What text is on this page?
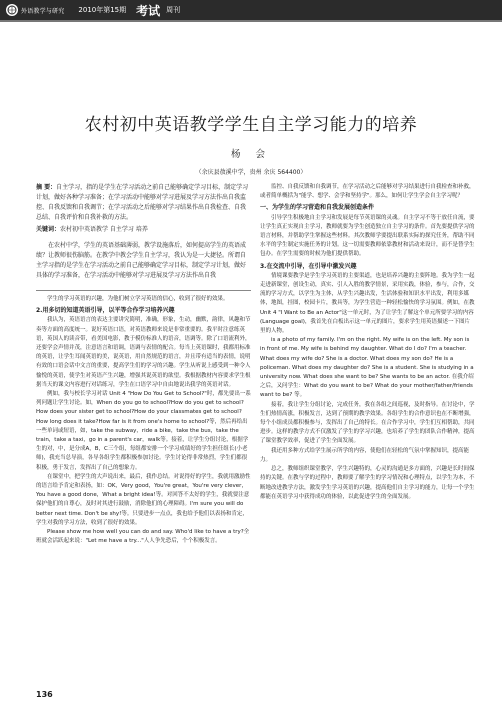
外语教学与研究 2010年第15期 考试 周刊
农村初中英语教学学生自主学习能力的培养
杨 会
（余庆县敖溪中学，贵州 余庆 564400）
摘 要：自主学习，指的是学生在学习活动之前自己能够确定学习目标，制定学习计划，做好各种学习准备；在学习活动中能够对学习进展及学习方法作出自我监控、自我反馈和自我调节；在学习活动之后能够对学习结果作出自我检查、自我总结、自我评价和自我补救的方法。
关键词：农村初中英语教学 自主学习 培养
在农村中学，学生的英语基础薄弱，教学设施落后，如何提高学生的英语成绩？让教师很伤脑筋。在教学中教会学生自主学习，我认为是一大捷径。所谓自主学习指的是学生在学习活动之前自己能够确定学习目标，制定学习计划，做好具体的学习准备，在学习活动中能够对学习进展及学习方法作出自我

学生的学习英语的兴趣，为他们树立学习英语的信心，收到了很好的效果。

2.用多切的知道英语引导，以平等合作学习培养兴趣

我认为，英语语言的表达主要讲究简明，准确，形象，生动，幽默，韵律，风趣和节奏等方面的高度统一。说好英语口语，对英语教师来说是非常重要的。我平时注意练英语，英国人的读音带，看美国电影，教于模仿标准人的语音，语调等。除了口语流利外，还要学会声情并茂，注意语言和语调，语调与表情的配合。每当上英语课时，我都用标准的英语，让学生耳闻英语的美，说英语，用自然规范的语言，并且带有适当的表情，说明有效的口语会话中文言的重要，提高学生们的学习的兴趣。学生从听说上感受到一种令人愉悦的英语，使学生对英语产生兴趣，增强其说英语的欲望。我根据教材内容要求学生根据当天的课文内容进行对话练习，学生在口语学习中自由地说出我学的英语对话。

例如，我与校长学习对话 Unit 4 "How Do You Get to School?"时，都先要出一系列问题让学生讨论。如，When do you go to school?How do you get to school?How does your sister get to school?How do your classmates get to school?How long does it take?How far is it from one's home to school?等，然后再给出一些单词或短语，如，take the subway，ride a bike，take the bus，take the train，take a taxi，go in a parent's car，walk等。接着，让学生分组讨论，根据学生的对，中，是分成A，B，C三个组，每组都安排一个学习成绩好的学生担任组长(小老师)，我充当总导演，各导各组学生都积极参加讨论。学生讨论得非常热烈，学生们都很积极，勇于发言，发挥出了自己的想象力。

在课堂中，把学生的大声说出来，最后，我作总结。对说得好的学生，我就用激励性的语言给予肯定和表扬，如：OK，Very good，You're great，You're very clever，You have a good done，What a bright idea!等。对回答不太好的学生，我就要注意保护他们的自尊心，及时对其进行鼓励，消除他们的心理障碍。I'm sure you will do better next time. Don't be shy!等。只要进步一点点，我也给予他们以表扬和肯定，学生对我的学习方法，收到了很好的效果。

Please show me how well you can do and say. Who'd like to have a try?全班就会活跃起来说："Let me have a try..."人人争先恐后，个个积极发言。

监控、自我反馈和自我调节，在学习活动之后能够对学习结果进行自我检查和补救，或者简单概括为"能学、想学、会学和坚持学"。那么，如何让学生学会自主学习呢？

一、为学生的学习营造和自我发展创造条件

引导学生积极地自主学习和发展是每节英语课的灵魂。自主学习不等于放任自流，要让学生真正实现自主学习，教师就要为学生创造独立自主学习的条件。首先要提供学习的语言材料，并帮助学生掌握这些材料。其次教师学要提出联系实际的探究任务，帮助不同水平的学生制定实施任务的计划。这一切需要教师依靠教材和活动来设计，而不是替学生包办。在学生需要的时候为他们提供帮助。

3.在交流中引导，在引导中激发兴趣

情境课要教学是学生学习英语的主要渠道，也是培养兴趣的主要阵地。我为学生一起走进新课堂，创设生动，真实、引人入胜的教学情景，采用实践，体验，参与，合作，交流的学习方式，以学生为主体，从学生兴趣出发，生活体验和知识水平出发，利用多媒体，地图，挂图，校园卡片，教具等，为学生营造一种轻松愉快的学习氛围。例如，在教Unit 4 "I Want to Be an Actor"这一单元时，为了让学生了解这个单元所要学习的内容(Language goal)，我首先在白板出示这一单元的图片，要求学生用英语描述一下图片里的人物。

is a photo of my family. I'm on the right. My wife is on the left. My son is in front of me. My wife is behind my daughter. What do I do? I'm a teacher. What does my wife do? She is a doctor. What does my son do? He is a policeman. What does my daughter do? She is a student. She is studying in a university now. What does she want to be? She wants to be an actor. 在我介绍之后，又问学生：What do you want to be? What do your mother/father/friends want to be? 等。

接着，我让学生分组讨论，完成任务，我在各组之间巡视，及时指导。在讨论中，学生们热情高涨，积极发言，达到了预期的教学效果。各组学生的合作意识也在不断增强，每个小组成员都积极参与，发挥出了自己的特长。在合作学习中，学生们互相帮助，共同进步。这样的教学方式不仅激发了学生的学习兴趣，也培养了学生的团队合作精神，提高了课堂教学效率，促进了学生全面发展。

我还用多种方式给学生展示所学的内容，使他们在轻松的气氛中掌握知识，提高能力。

总之，教师组织课堂教学，学生兴趣特的，心灵的沟通是多方面的，兴趣是长时间保持的关键。在教与学的过程中，教师要了解学生的学习情况和心理特点，以学生为本，不断地改进教学方法，激发学生学习英语的兴趣，提高他们自主学习的能力，让每一个学生都能在英语学习中获得成功的体验，以此促进学生的全面发展。

136
